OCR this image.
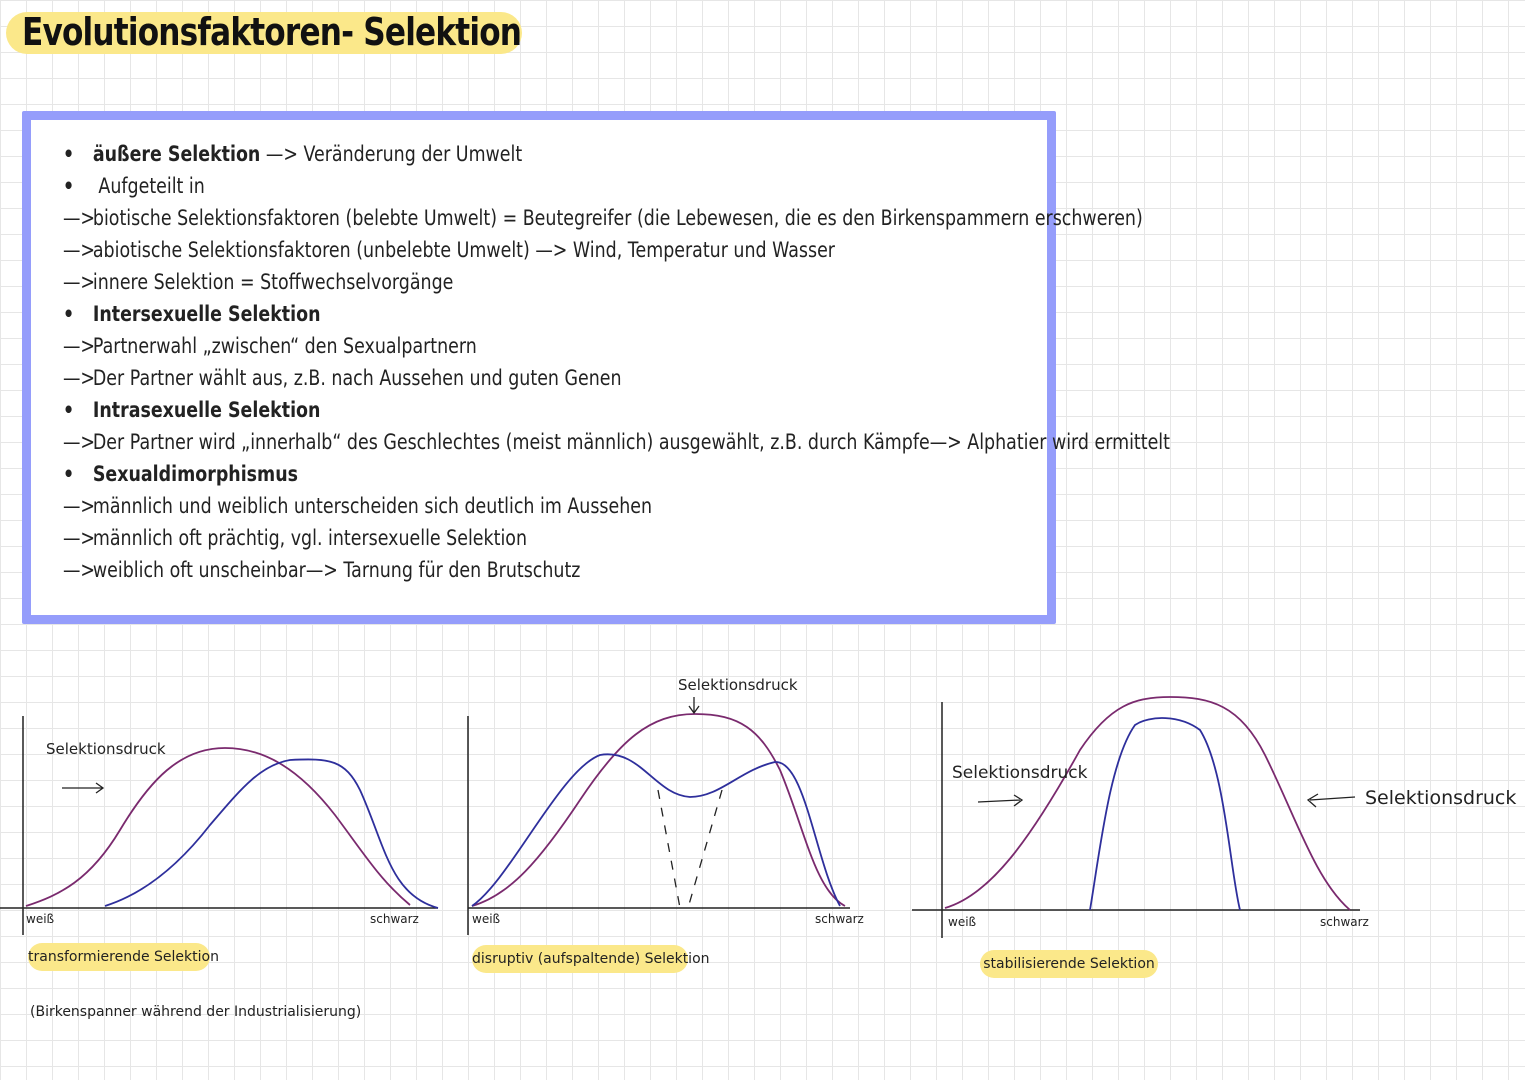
Evolutionsfaktoren- Selektion
• äußere Selektion —> Veränderung der Umwelt
• Aufgeteilt in
—>biotische Selektionsfaktoren (belebte Umwelt) = Beutegreifer (die Lebewesen, die es den Birkenspammern erschweren)
—>abiotische Selektionsfaktoren (unbelebte Umwelt) —> Wind, Temperatur und Wasser
—>innere Selektion = Stoffwechselvorgänge
• Intersexuelle Selektion
—>Partnerwahl „zwischen“ den Sexualpartnern
—>Der Partner wählt aus, z.B. nach Aussehen und guten Genen
• Intrasexuelle Selektion
—>Der Partner wird „innerhalb“ des Geschlechtes (meist männlich) ausgewählt, z.B. durch Kämpfe—> Alphatier wird ermittelt
• Sexualdimorphismus
—>männlich und weiblich unterscheiden sich deutlich im Aussehen
—>männlich oft prächtig, vgl. intersexuelle Selektion
—>weiblich oft unscheinbar—> Tarnung für den Brutschutz
Selektionsdruck
weiß	schwarz
transformierende Selektion
(Birkenspanner während der Industrialisierung)
Selektionsdruck
weiß	schwarz
disruptiv (aufspaltende) Selektion
Selektionsdruck
Selektionsdruck
weiß	schwarz
stabilisierende Selektion
